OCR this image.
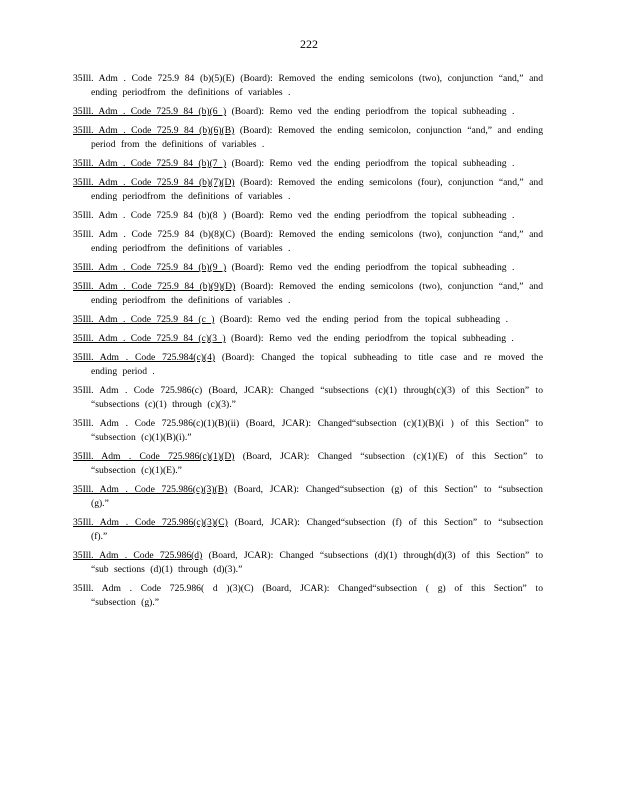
222

35Ill. Adm . Code 725.9 84 (b)(5)(E) (Board): Removed the ending semicolons (two), conjunction “and,” and ending periodfrom the definitions of variables .

35Ill. Adm . Code 725.9 84 (b)(6 ) (Board): Remo ved the ending periodfrom the topical subheading .

35Ill. Adm . Code 725.9 84 (b)(6)(B) (Board): Removed the ending semicolon, conjunction “and,” and ending period from the definitions of variables .

35Ill. Adm . Code 725.9 84 (b)(7 ) (Board): Remo ved the ending periodfrom the topical subheading .

35Ill. Adm . Code 725.9 84 (b)(7)(D) (Board): Removed the ending semicolons (four), conjunction “and,” and ending periodfrom the definitions of variables .

35Ill. Adm . Code 725.9 84 (b)(8 ) (Board): Remo ved the ending periodfrom the topical subheading .

35Ill. Adm . Code 725.9 84 (b)(8)(C) (Board): Removed the ending semicolons (two), conjunction “and,” and ending periodfrom the definitions of variables .

35Ill. Adm . Code 725.9 84 (b)(9 ) (Board): Remo ved the ending periodfrom the topical subheading .

35Ill. Adm . Code 725.9 84 (b)(9)(D) (Board): Removed the ending semicolons (two), conjunction “and,” and ending periodfrom the definitions of variables .

35Ill. Adm . Code 725.9 84 (c ) (Board): Remo ved the ending period from the topical subheading .

35Ill. Adm . Code 725.9 84 (c)(3 ) (Board): Remo ved the ending periodfrom the topical subheading .

35Ill. Adm . Code 725.984(c)(4) (Board): Changed the topical subheading to title case and re moved the ending period .

35Ill. Adm . Code 725.986(c) (Board, JCAR): Changed “subsections (c)(1) through(c)(3) of this Section” to “subsections (c)(1) through (c)(3).”

35Ill. Adm . Code 725.986(c)(1)(B)(ii) (Board, JCAR): Changed“subsection (c)(1)(B)(i ) of this Section” to “subsection (c)(1)(B)(i).”

35Ill. Adm . Code 725.986(c)(1)(D) (Board, JCAR): Changed “subsection (c)(1)(E) of this Section” to “subsection (c)(1)(E).”

35Ill. Adm . Code 725.986(c)(3)(B) (Board, JCAR): Changed“subsection (g) of this Section” to “subsection (g).”

35Ill. Adm . Code 725.986(c)(3)(C) (Board, JCAR): Changed“subsection (f) of this Section” to “subsection (f).”

35Ill. Adm . Code 725.986(d) (Board, JCAR): Changed “subsections (d)(1) through(d)(3) of this Section” to “sub sections (d)(1) through (d)(3).”

35Ill. Adm . Code 725.986( d )(3)(C) (Board, JCAR): Changed“subsection ( g) of this Section” to “subsection (g).”
